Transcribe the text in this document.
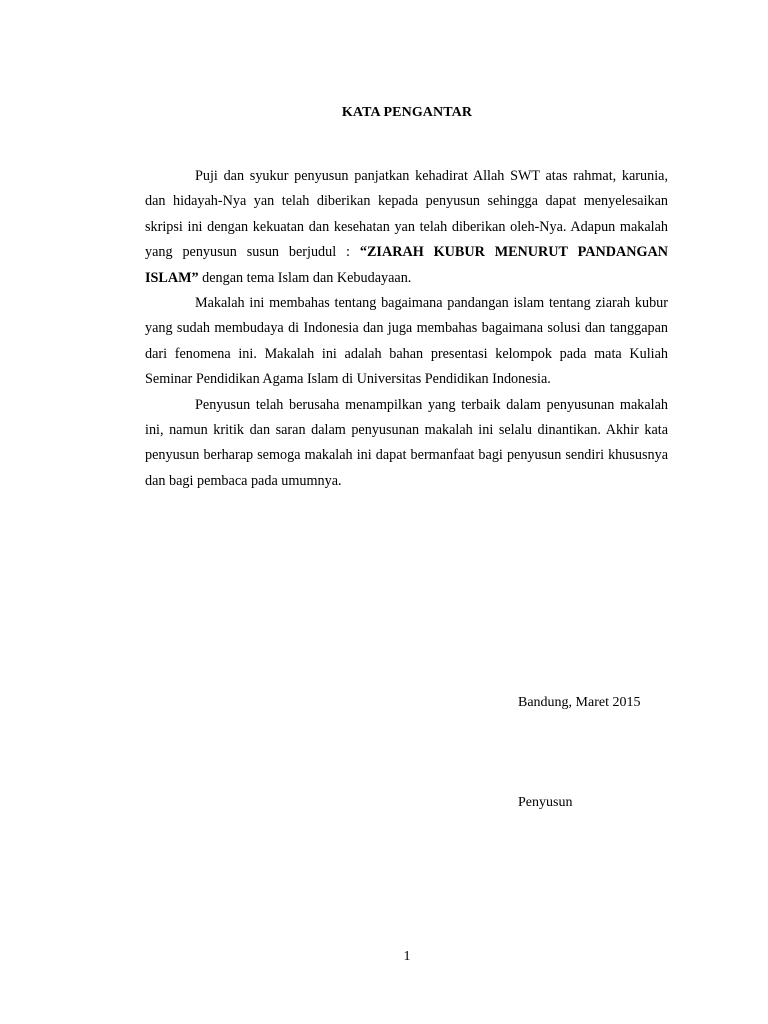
KATA PENGANTAR

Puji dan syukur penyusun panjatkan kehadirat Allah SWT atas rahmat, karunia, dan hidayah-Nya yan telah diberikan kepada penyusun sehingga dapat menyelesaikan skripsi ini dengan kekuatan dan kesehatan yan telah diberikan oleh-Nya. Adapun makalah yang penyusun susun berjudul : “ZIARAH KUBUR MENURUT PANDANGAN ISLAM” dengan tema Islam dan Kebudayaan.

Makalah ini membahas tentang bagaimana pandangan islam tentang ziarah kubur yang sudah membudaya di Indonesia dan juga membahas bagaimana solusi dan tanggapan dari fenomena ini. Makalah ini adalah bahan presentasi kelompok pada mata Kuliah Seminar Pendidikan Agama Islam di Universitas Pendidikan Indonesia.

Penyusun telah berusaha menampilkan yang terbaik dalam penyusunan makalah ini, namun kritik dan saran dalam penyusunan makalah ini selalu dinantikan. Akhir kata penyusun berharap semoga makalah ini dapat bermanfaat bagi penyusun sendiri khususnya dan bagi pembaca pada umumnya.

Bandung, Maret 2015
Penyusun
1
